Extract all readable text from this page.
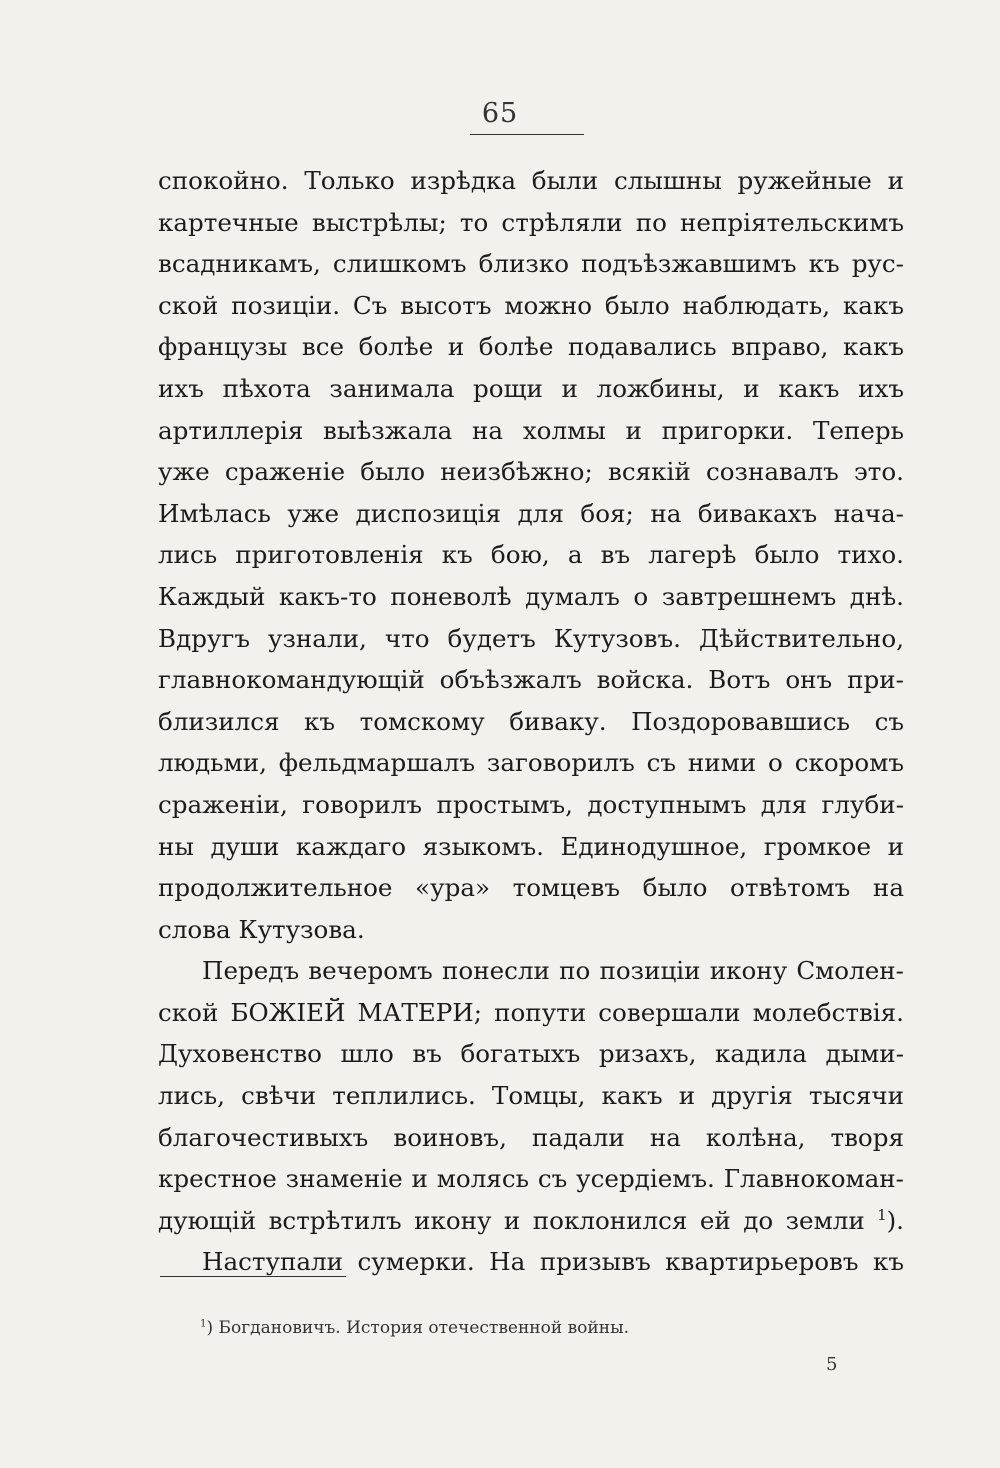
65
спокойно. Только изрѣдка были слышны ружейные и
картечные выстрѣлы; то стрѣляли по непріятельскимъ
всадникамъ, слишкомъ близко подъѣзжавшимъ къ рус-
ской позиціи. Съ высотъ можно было наблюдать, какъ
французы все болѣе и болѣе подавались вправо, какъ
ихъ пѣхота занимала рощи и ложбины, и какъ ихъ
артиллерія выѣзжала на холмы и пригорки. Теперь
уже сраженіе было неизбѣжно; всякій сознавалъ это.
Имѣлась уже диспозиція для боя; на бивакахъ нача-
лись приготовленія къ бою, а въ лагерѣ было тихо.
Каждый какъ-то поневолѣ думалъ о завтрешнемъ днѣ.
Вдругъ узнали, что будетъ Кутузовъ. Дѣйствительно,
главнокомандующій объѣзжалъ войска. Вотъ онъ при-
близился къ томскому биваку. Поздоровавшись съ
людьми, фельдмаршалъ заговорилъ съ ними о скоромъ
сраженіи, говорилъ простымъ, доступнымъ для глуби-
ны души каждаго языкомъ. Единодушное, громкое и
продолжительное «ура» томцевъ было отвѣтомъ на
слова Кутузова.
Передъ вечеромъ понесли по позиціи икону Смолен-
ской БОЖІЕЙ МАТЕРИ; попути совершали молебствія.
Духовенство шло въ богатыхъ ризахъ, кадила дыми-
лись, свѣчи теплились. Томцы, какъ и другія тысячи
благочестивыхъ воиновъ, падали на колѣна, творя
крестное знаменіе и молясь съ усердіемъ. Главнокоман-
дующій встрѣтилъ икону и поклонился ей до земли $^1$).
Наступали сумерки. На призывъ квартирьеровъ къ

$^1$) Богдановичъ. История отечественной войны.

5
